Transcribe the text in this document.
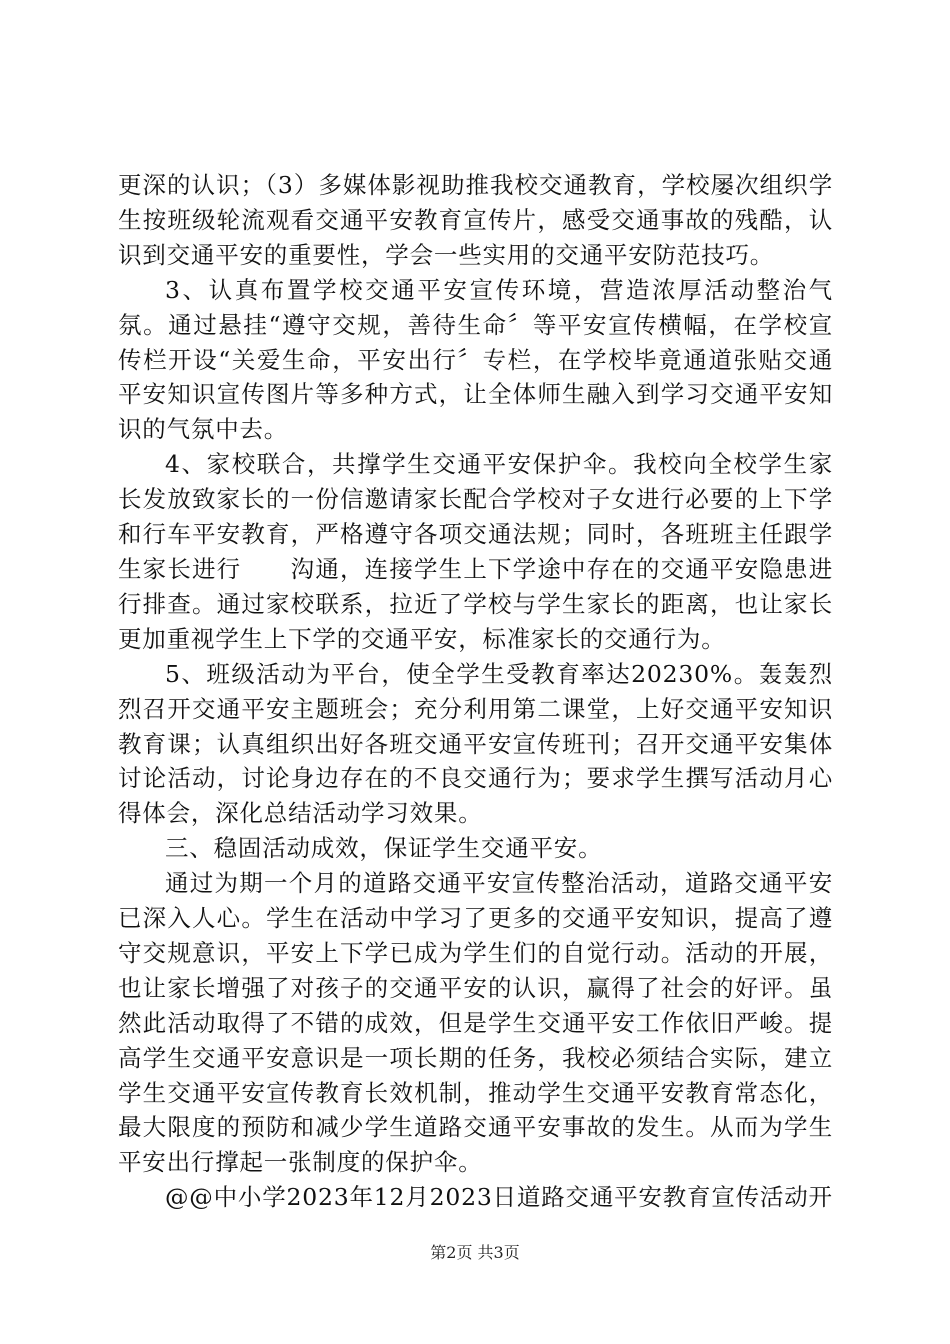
更深的认识；（3）多媒体影视助推我校交通教育，学校屡次组织学生按班级轮流观看交通平安教育宣传片，感受交通事故的残酷，认识到交通平安的重要性，学会一些实用的交通平安防范技巧。

3、认真布置学校交通平安宣传环境，营造浓厚活动整治气氛。通过悬挂“遵守交规，善待生命〞等平安宣传横幅，在学校宣传栏开设“关爱生命，平安出行〞专栏，在学校毕竟通道张贴交通平安知识宣传图片等多种方式，让全体师生融入到学习交通平安知识的气氛中去。

4、家校联合，共撑学生交通平安保护伞。我校向全校学生家长发放致家长的一份信邀请家长配合学校对子女进行必要的上下学和行车平安教育，严格遵守各项交通法规；同时，各班班主任跟学生家长进行　　沟通，连接学生上下学途中存在的交通平安隐患进行排查。通过家校联系，拉近了学校与学生家长的距离，也让家长更加重视学生上下学的交通平安，标准家长的交通行为。

5、班级活动为平台，使全学生受教育率达20230%。轰轰烈烈召开交通平安主题班会；充分利用第二课堂，上好交通平安知识教育课；认真组织出好各班交通平安宣传班刊；召开交通平安集体讨论活动，讨论身边存在的不良交通行为；要求学生撰写活动月心得体会，深化总结活动学习效果。

三、稳固活动成效，保证学生交通平安。

通过为期一个月的道路交通平安宣传整治活动，道路交通平安已深入人心。学生在活动中学习了更多的交通平安知识，提高了遵守交规意识，平安上下学已成为学生们的自觉行动。活动的开展，也让家长增强了对孩子的交通平安的认识，赢得了社会的好评。虽然此活动取得了不错的成效，但是学生交通平安工作依旧严峻。提高学生交通平安意识是一项长期的任务，我校必须结合实际，建立学生交通平安宣传教育长效机制，推动学生交通平安教育常态化，最大限度的预防和减少学生道路交通平安事故的发生。从而为学生平安出行撑起一张制度的保护伞。

@@中小学2023年12月2023日道路交通平安教育宣传活动开

第2页 共3页
